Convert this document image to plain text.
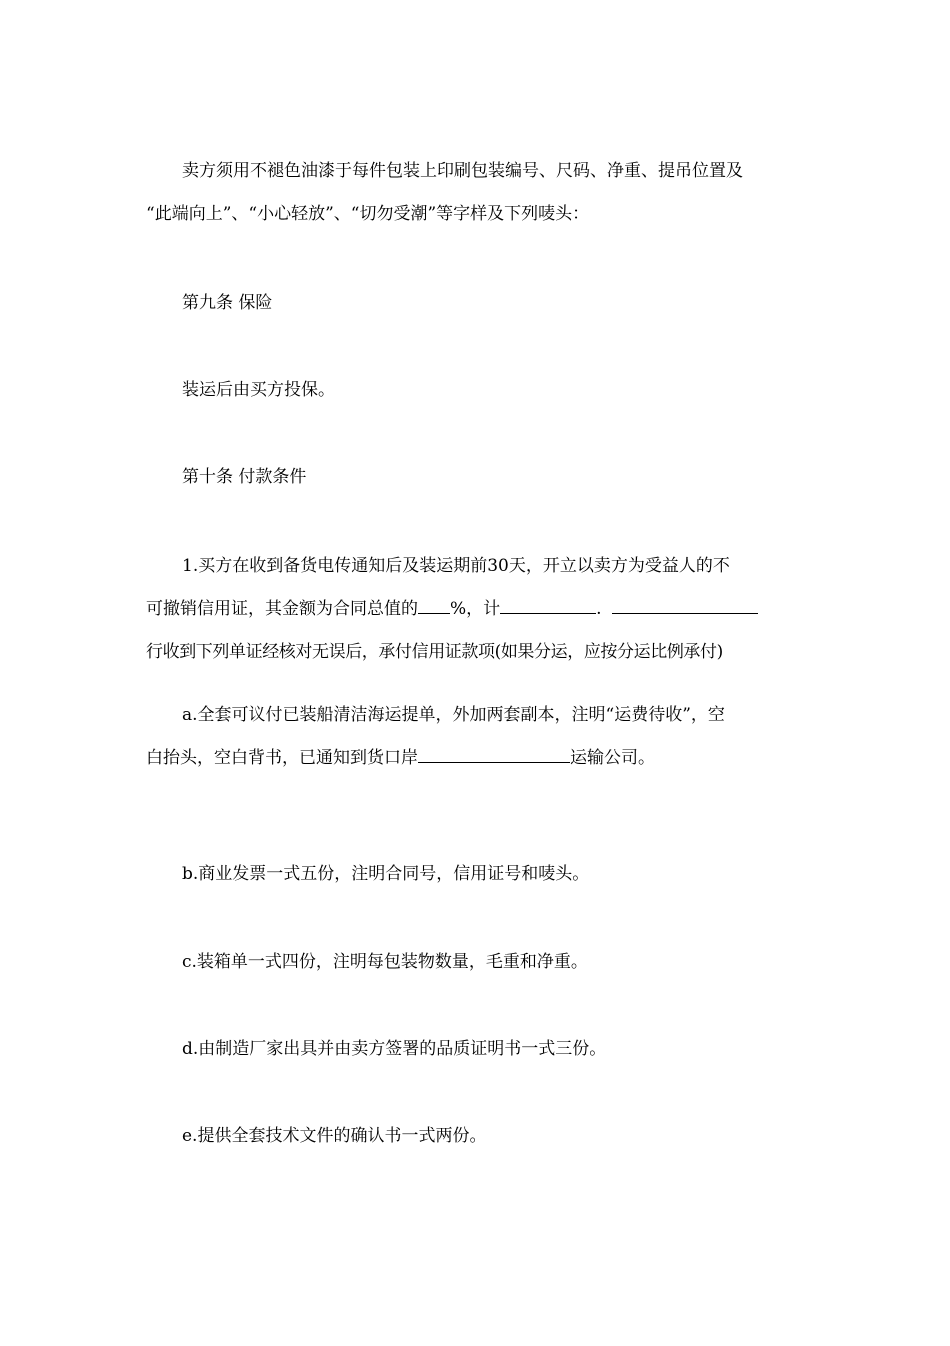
卖方须用不褪色油漆于每件包装上印刷包装编号、尺码、净重、提吊位置及
“此端向上”、“小心轻放”、“切勿受潮”等字样及下列唛头：
第九条 保险
装运后由买方投保。
第十条 付款条件
1.买方在收到备货电传通知后及装运期前30天，开立以卖方为受益人的不
可撤销信用证，其金额为合同总值的 %，计	.
行收到下列单证经核对无误后，承付信用证款项(如果分运，应按分运比例承付)
a.全套可议付已装船清洁海运提单，外加两套副本，注明“运费待收”，空
白抬头，空白背书，已通知到货口岸	运输公司。
b.商业发票一式五份，注明合同号，信用证号和唛头。
c.装箱单一式四份，注明每包装物数量，毛重和净重。
d.由制造厂家出具并由卖方签署的品质证明书一式三份。
e.提供全套技术文件的确认书一式两份。
